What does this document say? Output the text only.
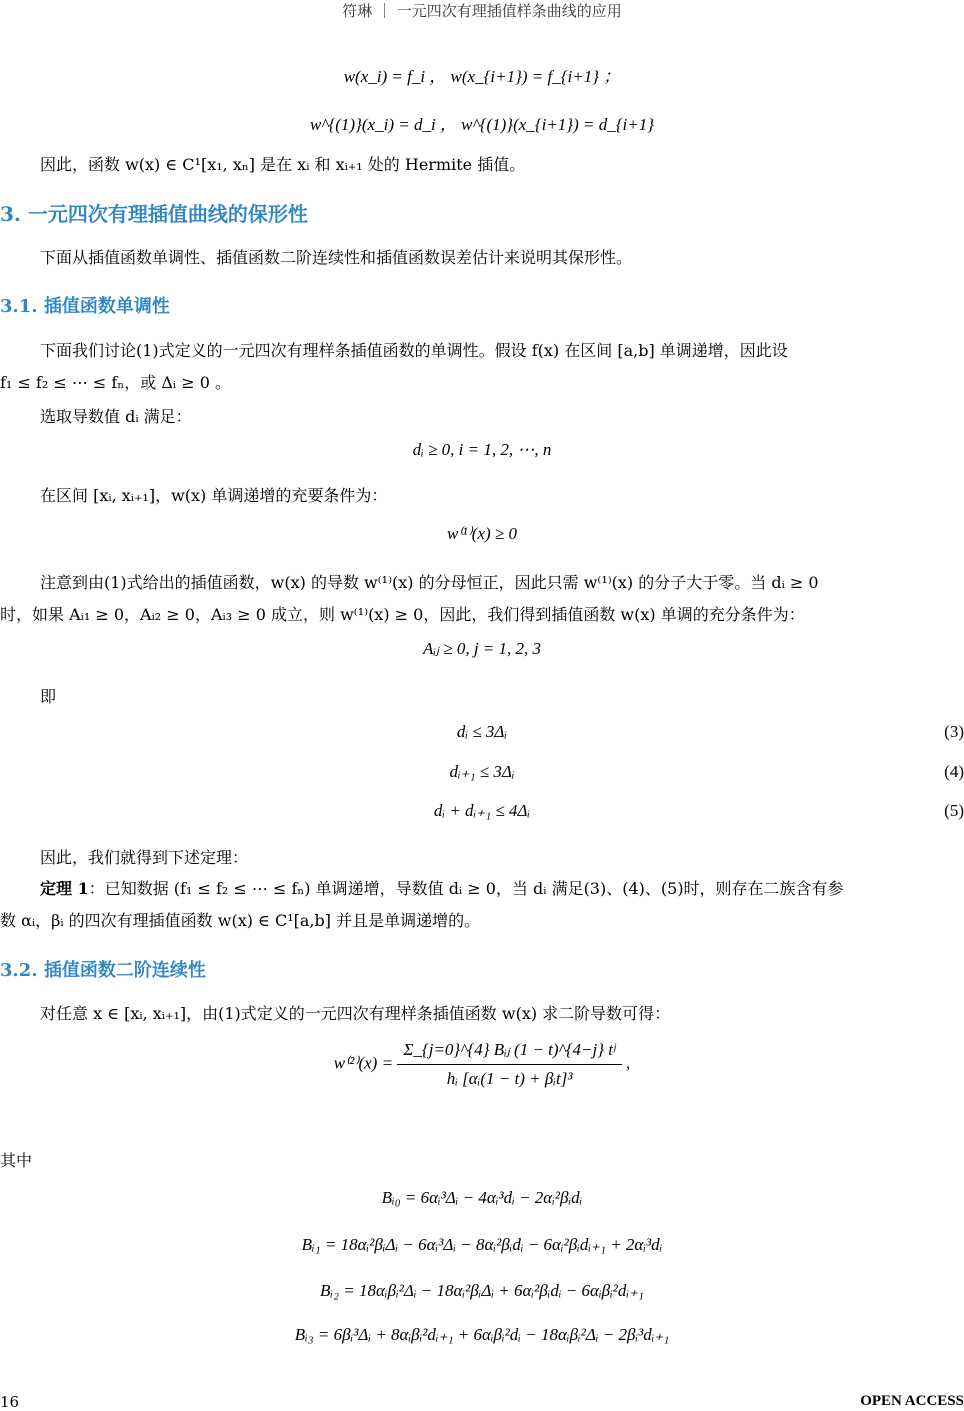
符琳 ｜ 一元四次有理插值样条曲线的应用
w(x_i) = f_i ， w(x_{i+1}) = f_{i+1} ；
w^{(1)}(x_i) = d_i ， w^{(1)}(x_{i+1}) = d_{i+1}
因此，函数 w(x) ∈ C¹[x₁, xₙ] 是在 xᵢ 和 xᵢ₊₁ 处的 Hermite 插值。
3. 一元四次有理插值曲线的保形性
下面从插值函数单调性、插值函数二阶连续性和插值函数误差估计来说明其保形性。
3.1. 插值函数单调性
下面我们讨论(1)式定义的一元四次有理样条插值函数的单调性。假设 f(x) 在区间 [a,b] 单调递增，因此设
f₁ ≤ f₂ ≤ ⋯ ≤ fₙ，或 Δᵢ ≥ 0 。
选取导数值 dᵢ 满足：
dᵢ ≥ 0, i = 1, 2, ⋯, n
在区间 [xᵢ, xᵢ₊₁]，w(x) 单调递增的充要条件为：
w⁽¹⁾(x) ≥ 0
注意到由(1)式给出的插值函数，w(x) 的导数 w⁽¹⁾(x) 的分母恒正，因此只需 w⁽¹⁾(x) 的分子大于零。当 dᵢ ≥ 0
时，如果 Aᵢ₁ ≥ 0，Aᵢ₂ ≥ 0，Aᵢ₃ ≥ 0 成立，则 w⁽¹⁾(x) ≥ 0，因此，我们得到插值函数 w(x) 单调的充分条件为：
Aᵢⱼ ≥ 0, j = 1, 2, 3
即
dᵢ ≤ 3Δᵢ	(3)
dᵢ₊₁ ≤ 3Δᵢ	(4)
dᵢ + dᵢ₊₁ ≤ 4Δᵢ	(5)
因此，我们就得到下述定理：
定理 1：已知数据 (f₁ ≤ f₂ ≤ ⋯ ≤ fₙ) 单调递增，导数值 dᵢ ≥ 0，当 dᵢ 满足(3)、(4)、(5)时，则存在二族含有参
数 αᵢ，βᵢ 的四次有理插值函数 w(x) ∈ C¹[a,b] 并且是单调递增的。
3.2. 插值函数二阶连续性
对任意 x ∈ [xᵢ, xᵢ₊₁]，由(1)式定义的一元四次有理样条插值函数 w(x) 求二阶导数可得：
$w^{(2)}(x) = \frac{\text{Σ\_\{j=0\}\textasciicircum{}\{4\} Bᵢⱼ (1 − t)\textasciicircum{}\{4−j\} tʲ}}{\text{hᵢ [αᵢ(1 − t) + βᵢt]³}}$ ,
其中
Bᵢ₀ = 6αᵢ³Δᵢ − 4αᵢ³dᵢ − 2αᵢ²βᵢdᵢ
Bᵢ₁ = 18αᵢ²βᵢΔᵢ − 6αᵢ³Δᵢ − 8αᵢ²βᵢdᵢ − 6αᵢ²βᵢdᵢ₊₁ + 2αᵢ³dᵢ
Bᵢ₂ = 18αᵢβᵢ²Δᵢ − 18αᵢ²βᵢΔᵢ + 6αᵢ²βᵢdᵢ − 6αᵢβᵢ²dᵢ₊₁
Bᵢ₃ = 6βᵢ³Δᵢ + 8αᵢβᵢ²dᵢ₊₁ + 6αᵢβᵢ²dᵢ − 18αᵢβᵢ²Δᵢ − 2βᵢ³dᵢ₊₁
16	OPEN ACCESS
